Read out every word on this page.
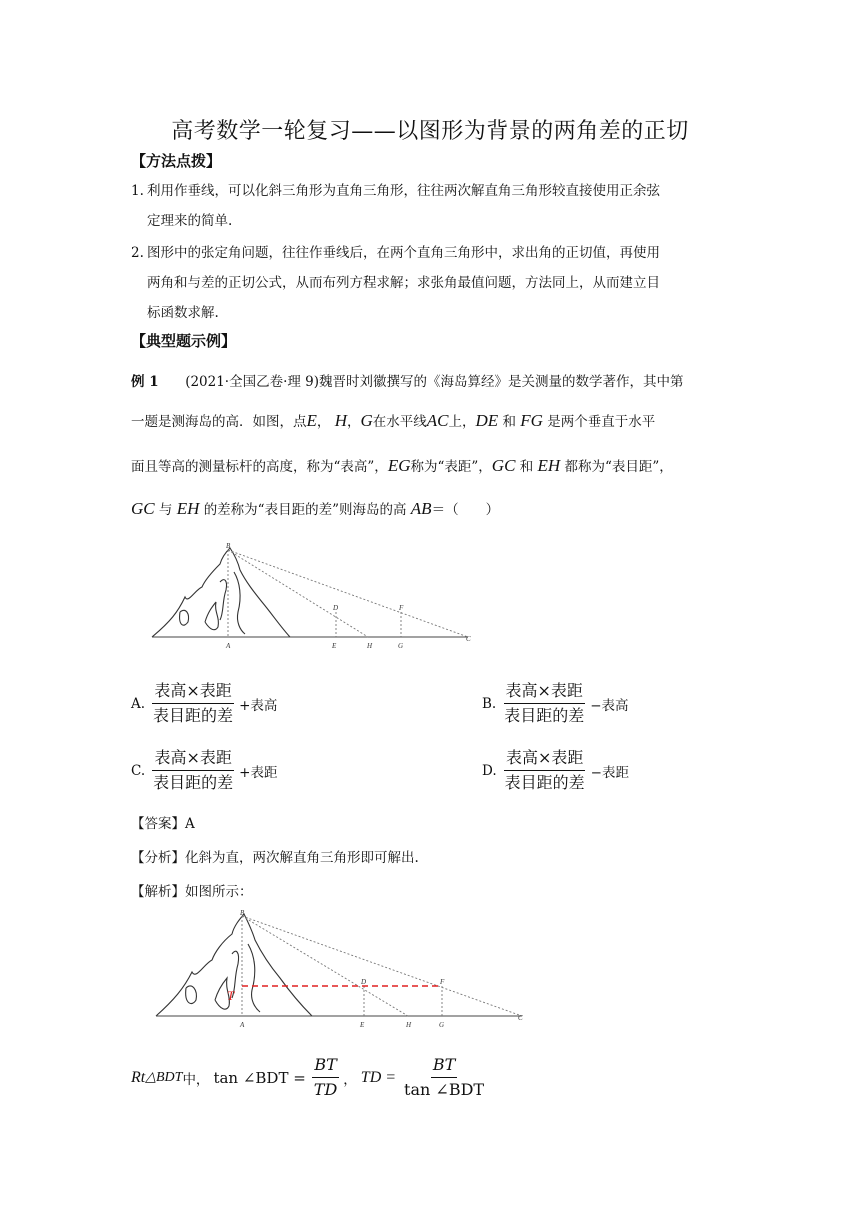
高考数学一轮复习——以图形为背景的两角差的正切
【方法点拨】
1. 利用作垂线，可以化斜三角形为直角三角形，往往两次解直角三角形较直接使用正余弦
定理来的简单.
2. 图形中的张定角问题，往往作垂线后，在两个直角三角形中，求出角的正切值，再使用
两角和与差的正切公式，从而布列方程求解；求张角最值问题，方法同上，从而建立目
标函数求解.
【典型题示例】
例 1 (2021·全国乙卷·理 9)魏晋时刘徽撰写的《海岛算经》是关测量的数学著作，其中第
一题是测海岛的高．如图，点E， H，G在水平线AC上，DE 和 FG 是两个垂直于水平
面且等高的测量标杆的高度，称为“表高”，EG称为“表距”，GC 和 EH 都称为“表目距”，
GC 与 EH 的差称为“表目距的差”则海岛的高 AB＝（　　）
B
A
D	F
E	H	G
C
A. $\frac{\text{表高×表距}}{\text{表目距的差}}$ +表高	B. $\frac{\text{表高×表距}}{\text{表目距的差}}$ −表高
C. $\frac{\text{表高×表距}}{\text{表目距的差}}$ +表距	D. $\frac{\text{表高×表距}}{\text{表目距的差}}$ −表距
【答案】A
【分析】化斜为直，两次解直角三角形即可解出.
【解析】如图所示：
B
A
D	F
E	H	G
C
T
Rt △BDT 中， tan ∠BDT = $\frac{BT}{TD}$ ， TD = $\frac{BT}{\text{tan ∠BDT}}$
